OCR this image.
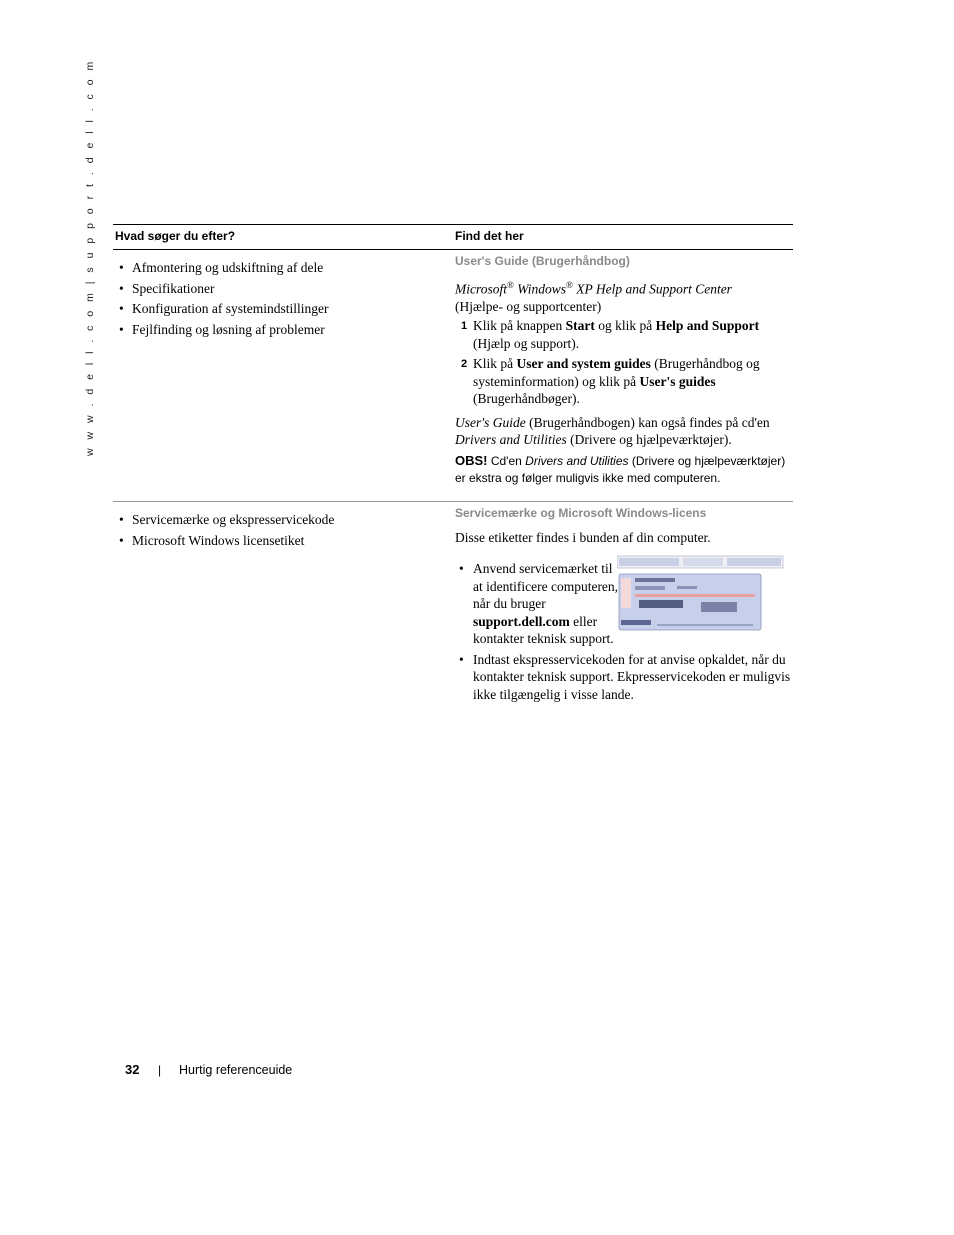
w w w . d e l l . c o m | s u p p o r t . d e l l . c o m Hvad søger du efter?	Find det her
• Afmontering og udskiftning af dele
• Specifikationer
• Konfiguration af systemindstillinger
• Fejlfinding og løsning af problemer
User's Guide (Brugerhåndbog)

Microsoft® Windows® XP Help and Support Center
(Hjælpe- og supportcenter)

1 Klik på knappen Start og klik på Help and Support
(Hjælp og support).
2 Klik på User and system guides (Brugerhåndbog og systeminformation) og klik på User's guides
(Brugerhåndbøger).

User's Guide (Brugerhåndbogen) kan også findes på cd'en Drivers and Utilities (Drivere og hjælpeværktøjer).

OBS! Cd'en Drivers and Utilities (Drivere og hjælpeværktøjer) er ekstra og følger muligvis ikke med computeren.

• Servicemærke og ekspresservicekode
• Microsoft Windows licensetiket
Servicemærke og Microsoft Windows-licens

Disse etiketter findes i bunden af din computer.

• Anvend servicemærket til at identificere computeren, når du bruger support.dell.com eller kontakter teknisk support.
• Indtast ekspresservicekoden for at anvise opkaldet, når du kontakter teknisk support. Ekpresservicekoden er muligvis ikke tilgængelig i visse lande.
32 | Hurtig referenceuide
